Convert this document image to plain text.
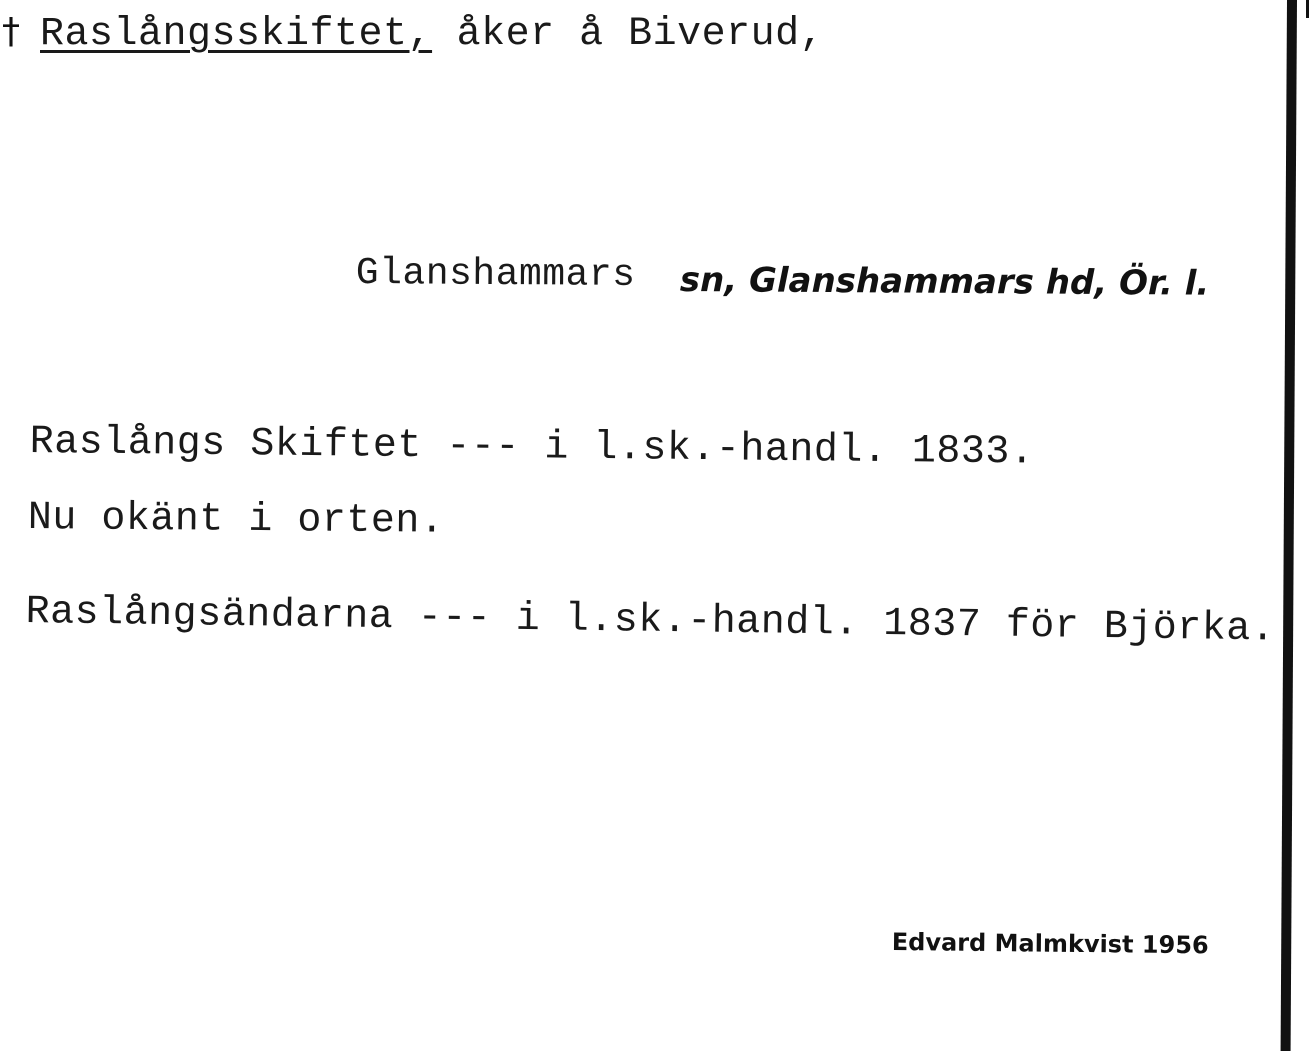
† Raslångsskiftet, åker å Biverud,
Glanshammars sn, Glanshammars hd, Ör. l.
Raslångs Skiftet --- i l.sk.-handl. 1833.
Nu okänt i orten.
Raslångsändarna --- i l.sk.-handl. 1837 för Björka.
Edvard Malmkvist 1956
